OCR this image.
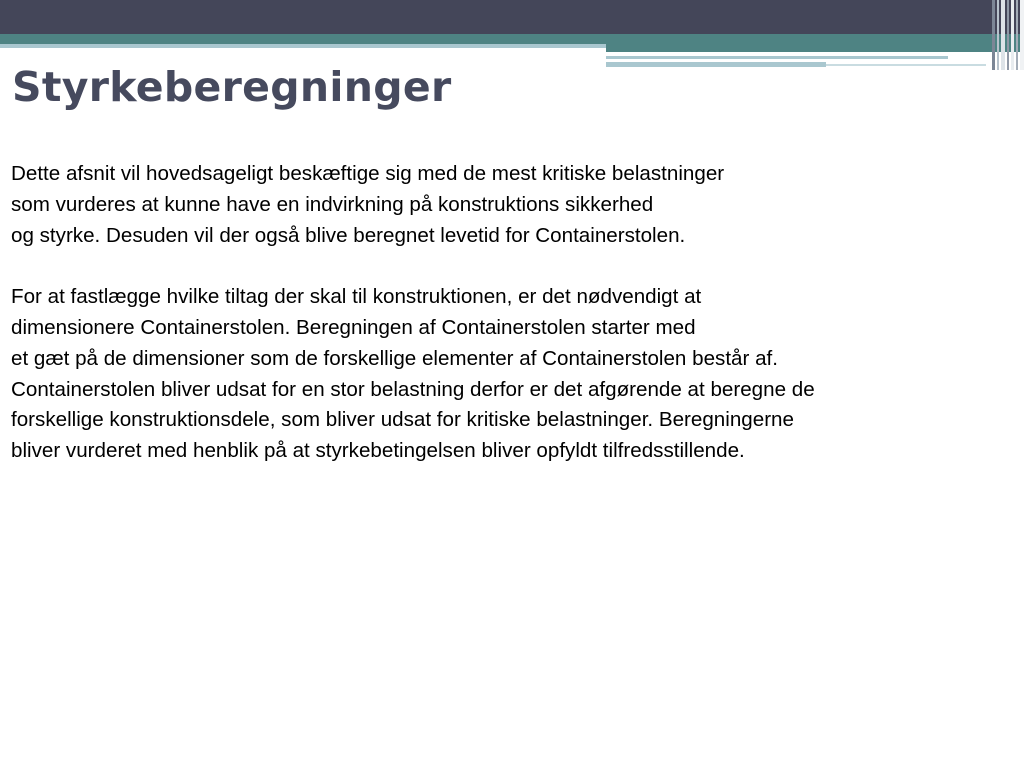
Styrkeberegninger
Dette afsnit vil hovedsageligt beskæftige sig med de mest kritiske belastninger
som vurderes at kunne have en indvirkning på konstruktions sikkerhed
og styrke. Desuden vil der også blive beregnet levetid for Containerstolen.
For at fastlægge hvilke tiltag der skal til konstruktionen, er det nødvendigt at
dimensionere Containerstolen. Beregningen af Containerstolen starter med
et gæt på de dimensioner som de forskellige elementer af Containerstolen består af.
Containerstolen bliver udsat for en stor belastning derfor er det afgørende at beregne de
forskellige konstruktionsdele, som bliver udsat for kritiske belastninger. Beregningerne
bliver vurderet med henblik på at styrkebetingelsen bliver opfyldt tilfredsstillende.
